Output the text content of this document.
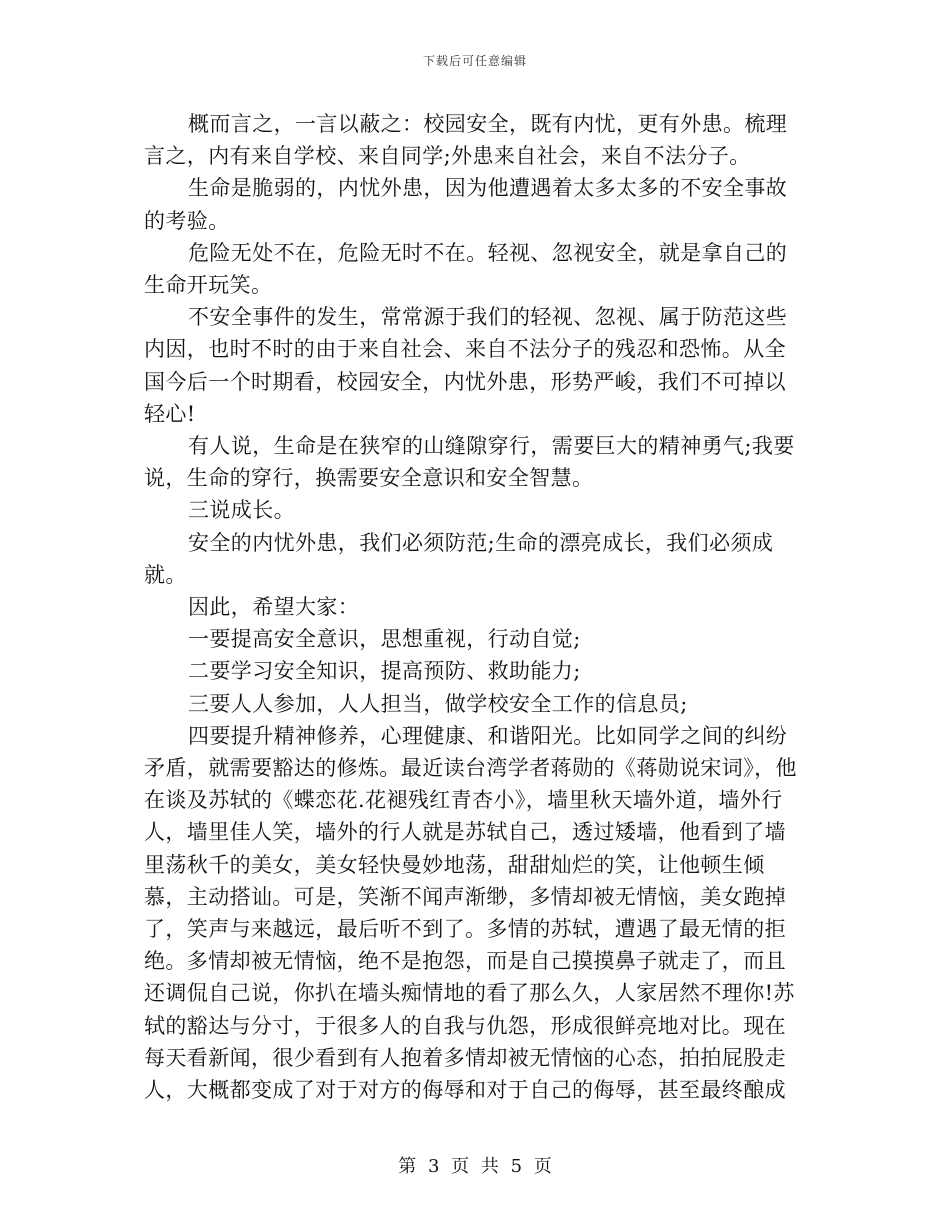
下载后可任意编辑

概而言之，一言以蔽之：校园安全，既有内忧，更有外患。梳理言之，内有来自学校、来自同学;外患来自社会，来自不法分子。

生命是脆弱的，内忧外患，因为他遭遇着太多太多的不安全事故的考验。

危险无处不在，危险无时不在。轻视、忽视安全，就是拿自己的生命开玩笑。

不安全事件的发生，常常源于我们的轻视、忽视、属于防范这些内因，也时不时的由于来自社会、来自不法分子的残忍和恐怖。从全国今后一个时期看，校园安全，内忧外患，形势严峻，我们不可掉以轻心!

有人说，生命是在狭窄的山缝隙穿行，需要巨大的精神勇气;我要说，生命的穿行，换需要安全意识和安全智慧。

三说成长。

安全的内忧外患，我们必须防范;生命的漂亮成长，我们必须成就。

因此，希望大家：

一要提高安全意识，思想重视，行动自觉;

二要学习安全知识，提高预防、救助能力;

三要人人参加，人人担当，做学校安全工作的信息员;

四要提升精神修养，心理健康、和谐阳光。比如同学之间的纠纷矛盾，就需要豁达的修炼。最近读台湾学者蒋勋的《蒋勋说宋词》，他在谈及苏轼的《蝶恋花.花褪残红青杏小》，墙里秋天墙外道，墙外行人，墙里佳人笑，墙外的行人就是苏轼自己，透过矮墙，他看到了墙里荡秋千的美女，美女轻快曼妙地荡，甜甜灿烂的笑，让他顿生倾慕，主动搭讪。可是，笑渐不闻声渐缈，多情却被无情恼，美女跑掉了，笑声与来越远，最后听不到了。多情的苏轼，遭遇了最无情的拒绝。多情却被无情恼，绝不是抱怨，而是自己摸摸鼻子就走了，而且还调侃自己说，你扒在墙头痴情地的看了那么久，人家居然不理你!苏轼的豁达与分寸，于很多人的自我与仇怨，形成很鲜亮地对比。现在每天看新闻，很少看到有人抱着多情却被无情恼的心态，拍拍屁股走人，大概都变成了对于对方的侮辱和对于自己的侮辱，甚至最终酿成

第 3 页 共 5 页
